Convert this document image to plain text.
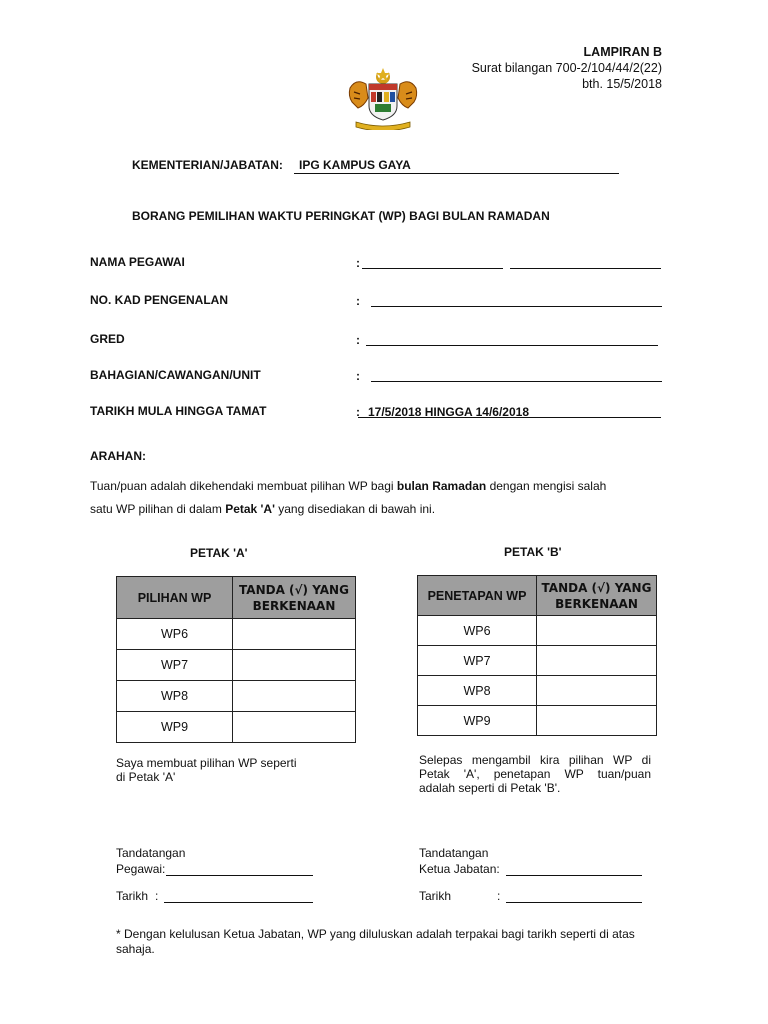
LAMPIRAN B
Surat bilangan 700-2/104/44/2(22)
bth. 15/5/2018
KEMENTERIAN/JABATAN: IPG KAMPUS GAYA
BORANG PEMILIHAN WAKTU PERINGKAT (WP) BAGI BULAN RAMADAN
NAMA PEGAWAI	:
NO. KAD PENGENALAN	:
GRED	:
BAHAGIAN/CAWANGAN/UNIT	:
TARIKH MULA HINGGA TAMAT	: 17/5/2018 HINGGA 14/6/2018
ARAHAN:
Tuan/puan adalah dikehendaki membuat pilihan WP bagi bulan Ramadan dengan mengisi salah
satu WP pilihan di dalam Petak 'A' yang disediakan di bawah ini.
PETAK 'A'	PETAK 'B'
PILIHAN WP	TANDA (√) YANG
BERKENAAN

WP6	
WP7	
WP8	
WP9	
PENETAPAN WP	TANDA (√) YANG
BERKENAAN

WP6	
WP7	
WP8	
WP9	
Saya membuat pilihan WP seperti
di Petak 'A'
Selepas mengambil kira pilihan WP di
Petak 'A', penetapan WP tuan/puan
adalah seperti di Petak 'B'.
Tandatangan
Pegawai:
Tarikh :
Tandatangan
Ketua Jabatan:
Tarikh	:
* Dengan kelulusan Ketua Jabatan, WP yang diluluskan adalah terpakai bagi tarikh seperti di atas
sahaja.
